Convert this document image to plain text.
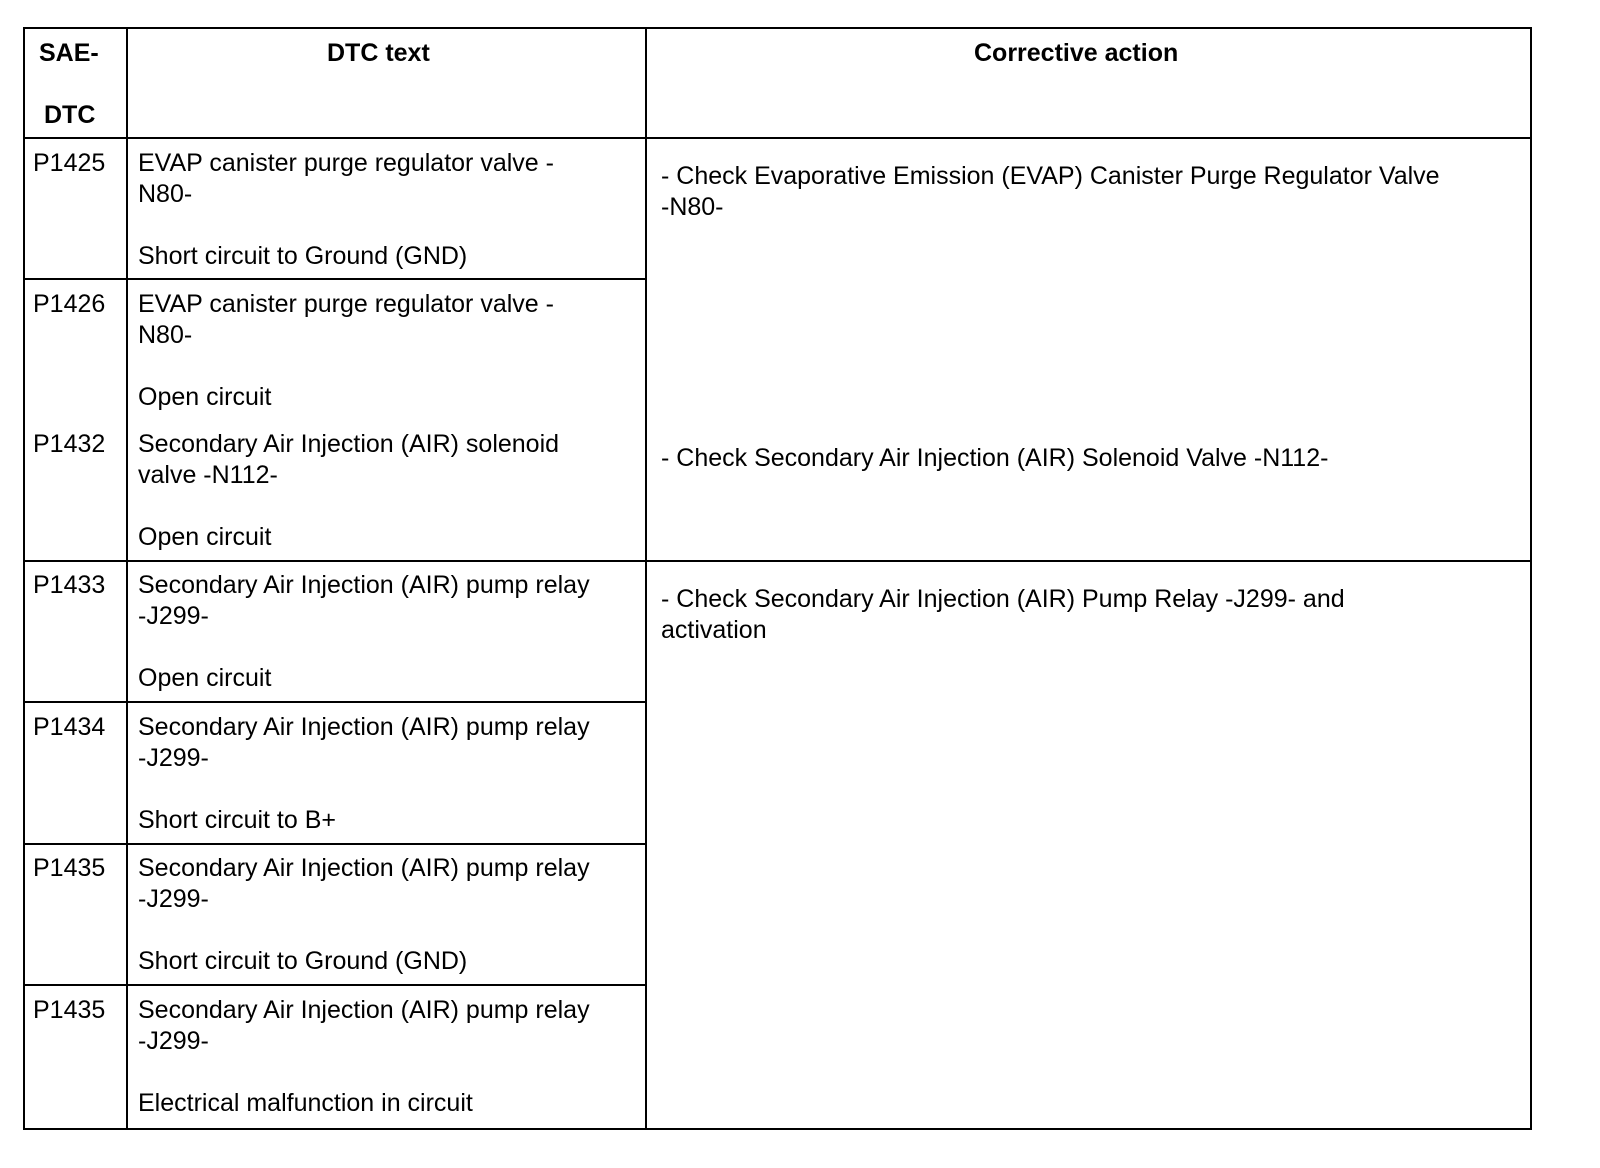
SAE-
DTC
DTC text	Corrective action
P1425 EVAP canister purge regulator valve -
N80-
Short circuit to Ground (GND)
P1426 EVAP canister purge regulator valve -
N80-
Open circuit
P1432 Secondary Air Injection (AIR) solenoid
valve -N112-
Open circuit
P1433 Secondary Air Injection (AIR) pump relay
-J299-
Open circuit
P1434 Secondary Air Injection (AIR) pump relay
-J299-
Short circuit to B+
P1435 Secondary Air Injection (AIR) pump relay
-J299-
Short circuit to Ground (GND)
P1435 Secondary Air Injection (AIR) pump relay
-J299-
Electrical malfunction in circuit
- Check Evaporative Emission (EVAP) Canister Purge Regulator Valve
-N80-
- Check Secondary Air Injection (AIR) Solenoid Valve -N112-
- Check Secondary Air Injection (AIR) Pump Relay -J299- and
activation
